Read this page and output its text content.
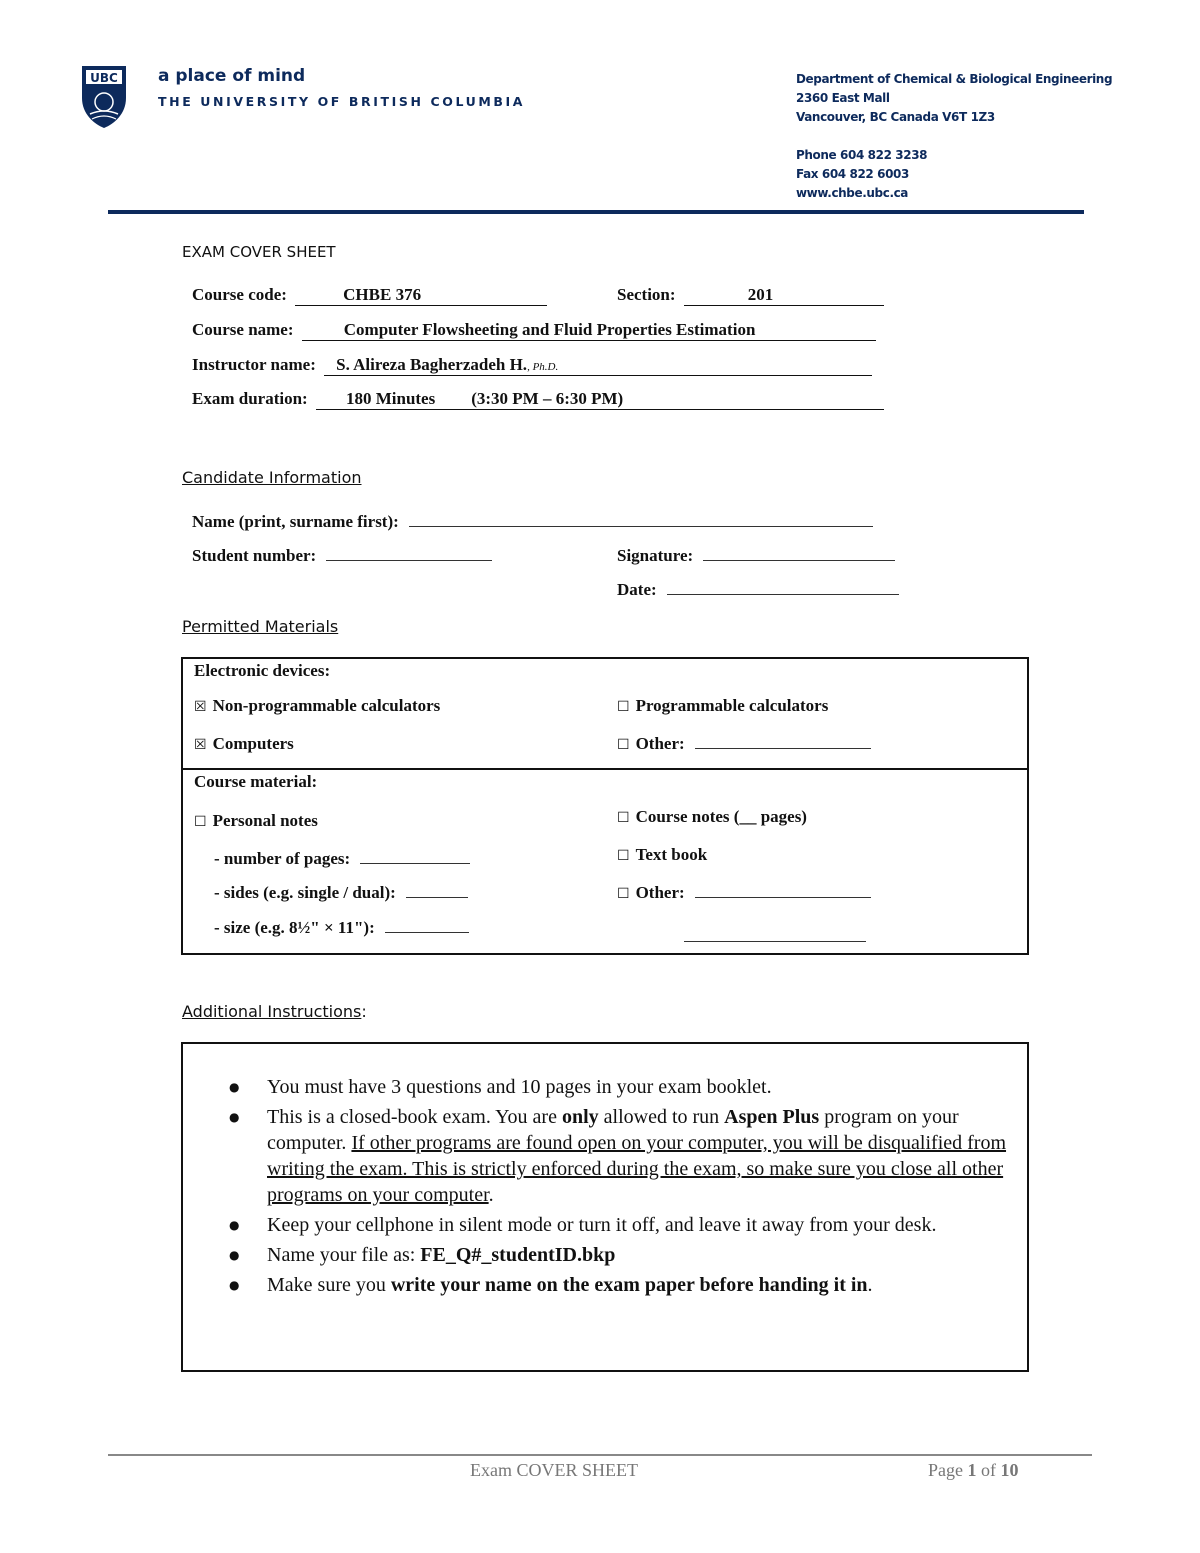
UBC a place of mind
THE UNIVERSITY OF BRITISH COLUMBIA
Department of Chemical & Biological Engineering
2360 East Mall
Vancouver, BC Canada V6T 1Z3
Phone 604 822 3238
Fax 604 822 6003
www.chbe.ubc.ca
EXAM COVER SHEET
Course code:	CHBE 376	Section:	201
Course name:	Computer Flowsheeting and Fluid Properties Estimation
Instructor name: S. Alireza Bagherzadeh H., Ph.D.
Exam duration: 180 Minutes (3:30 PM – 6:30 PM)
Candidate Information
Name (print, surname first):
Student number:	Signature:
Date:
Permitted Materials
Electronic devices:
☒ Non-programmable calculators	☐ Programmable calculators
☒ Computers	☐ Other:
Course material:
☐ Personal notes	☐ Course notes (__ pages)
- number of pages:	☐ Text book
- sides (e.g. single / dual):	☐ Other:
- size (e.g. 8½" × 11"):
Additional Instructions:
● You must have 3 questions and 10 pages in your exam booklet.
● This is a closed-book exam. You are only allowed to run Aspen Plus program on your computer. If other programs are found open on your computer, you will be disqualified from writing the exam. This is strictly enforced during the exam, so make sure you close all other programs on your computer.
● Keep your cellphone in silent mode or turn it off, and leave it away from your desk.
● Name your file as: FE_Q#_studentID.bkp
● Make sure you write your name on the exam paper before handing it in.
Exam COVER SHEET	Page 1 of 10
